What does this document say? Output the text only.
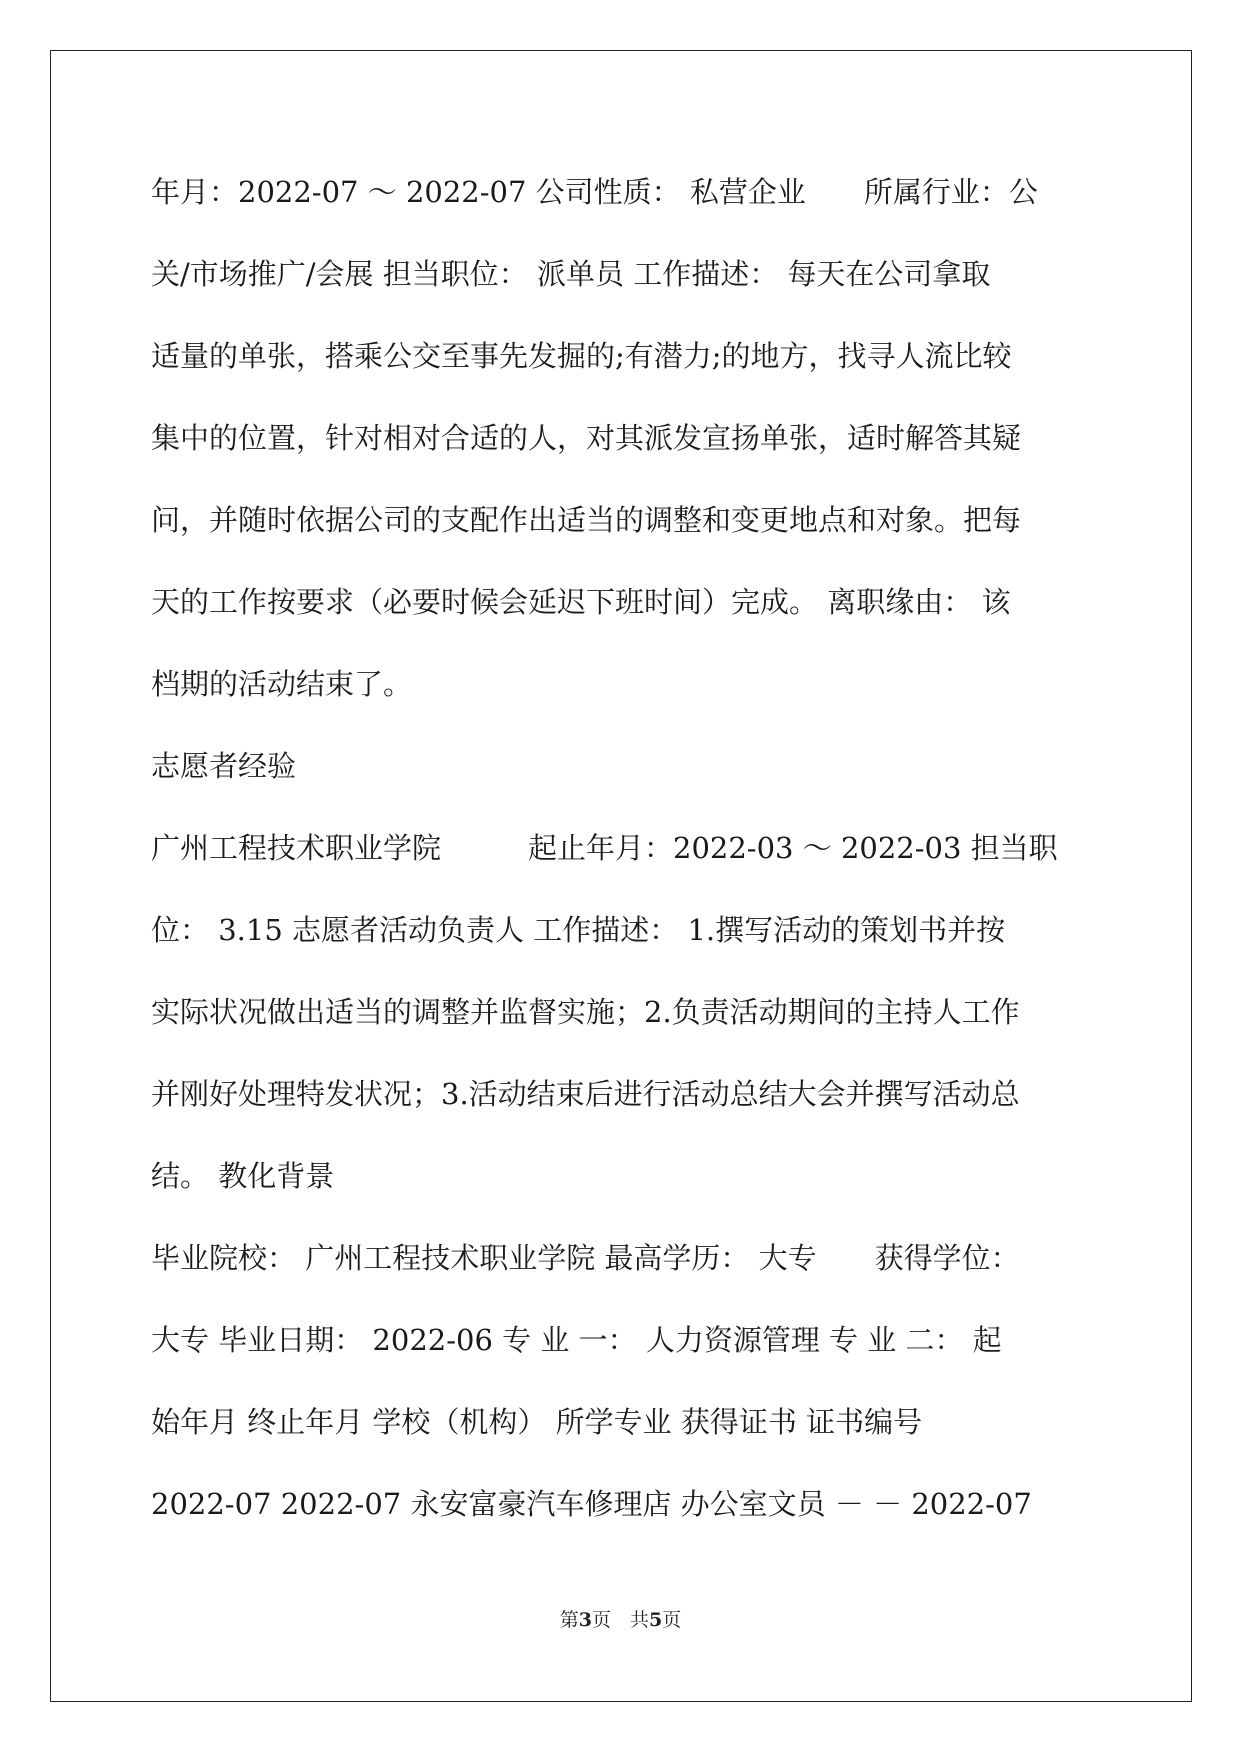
年月：2022-07 ～ 2022-07 公司性质： 私营企业　　所属行业：公
关/市场推广/会展 担当职位： 派单员 工作描述： 每天在公司拿取
适量的单张，搭乘公交至事先发掘的;有潜力;的地方，找寻人流比较
集中的位置，针对相对合适的人，对其派发宣扬单张，适时解答其疑
问，并随时依据公司的支配作出适当的调整和变更地点和对象。把每
天的工作按要求（必要时候会延迟下班时间）完成。 离职缘由： 该
档期的活动结束了。
志愿者经验
广州工程技术职业学院　　　起止年月：2022-03 ～ 2022-03 担当职
位： 3.15 志愿者活动负责人 工作描述： 1.撰写活动的策划书并按
实际状况做出适当的调整并监督实施；2.负责活动期间的主持人工作
并刚好处理特发状况；3.活动结束后进行活动总结大会并撰写活动总
结。 教化背景
毕业院校： 广州工程技术职业学院 最高学历： 大专　　获得学位：
大专 毕业日期： 2022-06 专 业 一： 人力资源管理 专 业 二： 起
始年月 终止年月 学校（机构） 所学专业 获得证书 证书编号
2022-07 2022-07 永安富豪汽车修理店 办公室文员 － － 2022-07
第3页　共5页
